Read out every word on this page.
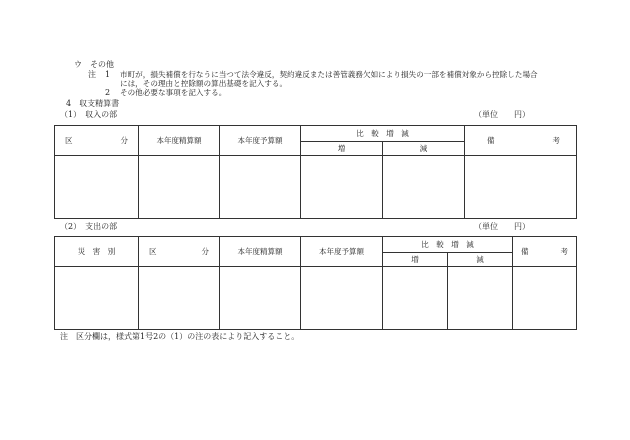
ウ　その他
注 1 市町が，損失補償を行なうに当つて法令違反，契約違反または善管義務欠如により損失の一部を補償対象から控除した場合
には，その理由と控除額の算出基礎を記入する。
2 その他必要な事項を記入する。
4　収支精算書
（1）　収入の部	（単位　　円）
区 分	本年度精算額	本年度予算額	比　較　増　減		備 考

			増	減	

（2）　支出の部	（単位　　円）
災　害　別	区 分	本年度精算額	本年度予算額	比　較　増　減		備 考

				増	減	

注　区分欄は，様式第1号2の（1）の注の表により記入すること。
